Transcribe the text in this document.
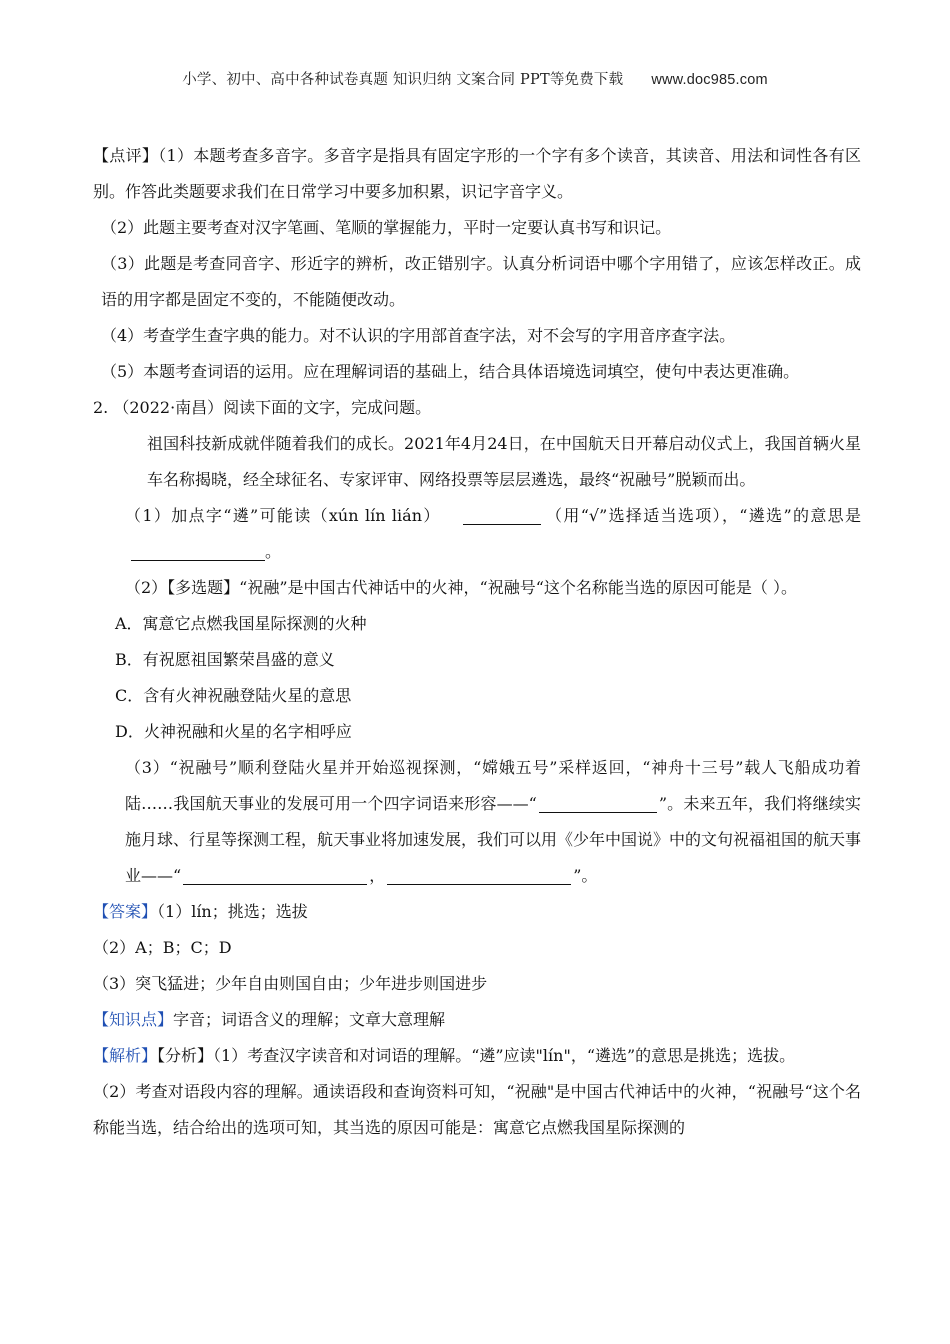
小学、初中、高中各种试卷真题 知识归纳 文案合同 PPT等免费下载 www.doc985.com

【点评】（1）本题考查多音字。多音字是指具有固定字形的一个字有多个读音，其读音、用法和词性各有区别。作答此类题要求我们在日常学习中要多加积累，识记字音字义。

（2）此题主要考查对汉字笔画、笔顺的掌握能力，平时一定要认真书写和识记。

（3）此题是考查同音字、形近字的辨析，改正错别字。认真分析词语中哪个字用错了，应该怎样改正。成语的用字都是固定不变的，不能随便改动。

（4）考查学生查字典的能力。对不认识的字用部首查字法，对不会写的字用音序查字法。

（5）本题考查词语的运用。应在理解词语的基础上，结合具体语境选词填空，使句中表达更准确。

2. （2022·南昌）阅读下面的文字，完成问题。

祖国科技新成就伴随着我们的成长。2021年4月24日，在中国航天日开幕启动仪式上，我国首辆火星车名称揭晓，经全球征名、专家评审、网络投票等层层遴选，最终“祝融号”脱颖而出。

（1）加点字“遴”可能读（xún lín lián）	（用“√”选择适当选项），“遴选”的意思是。

（2）【多选题】“祝融”是中国古代神话中的火神，“祝融号“这个名称能当选的原因可能是（ ）。

A．寓意它点燃我国星际探测的火种

B．有祝愿祖国繁荣昌盛的意义

C．含有火神祝融登陆火星的意思

D．火神祝融和火星的名字相呼应

（3）“祝融号”顺利登陆火星并开始巡视探测，“嫦娥五号”采样返回，“神舟十三号”载人飞船成功着陆……我国航天事业的发展可用一个四字词语来形容——“	”。未来五年，我们将继续实施月球、行星等探测工程，航天事业将加速发展，我们可以用《少年中国说》中的文句祝福祖国的航天事业——“	，	”。

【答案】（1）lín；挑选；选拔

（2）A；B；C；D

（3）突飞猛进；少年自由则国自由；少年进步则国进步

【知识点】字音；词语含义的理解；文章大意理解

【解析】【分析】（1）考查汉字读音和对词语的理解。“遴”应读"lín"，“遴选”的意思是挑选；选拔。

（2）考查对语段内容的理解。通读语段和查询资料可知，“祝融"是中国古代神话中的火神，“祝融号“这个名称能当选，结合给出的选项可知，其当选的原因可能是：寓意它点燃我国星际探测的
